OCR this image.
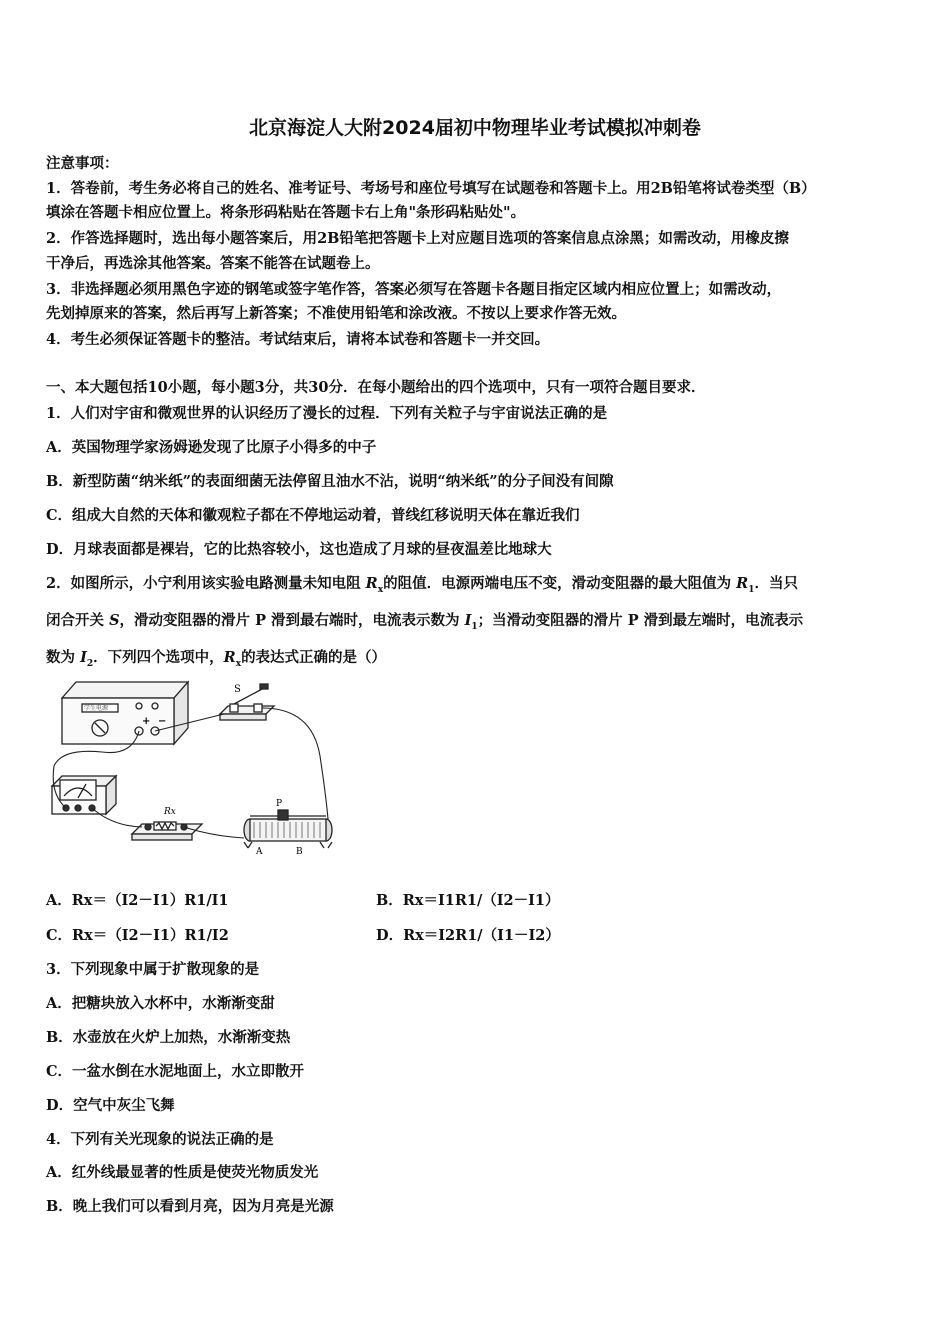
北京海淀人大附2024届初中物理毕业考试模拟冲刺卷
注意事项：
1．答卷前，考生务必将自己的姓名、准考证号、考场号和座位号填写在试题卷和答题卡上。用2B铅笔将试卷类型（B）
填涂在答题卡相应位置上。将条形码粘贴在答题卡右上角"条形码粘贴处"。
2．作答选择题时，选出每小题答案后，用2B铅笔把答题卡上对应题目选项的答案信息点涂黑；如需改动，用橡皮擦
干净后，再选涂其他答案。答案不能答在试题卷上。
3．非选择题必须用黑色字迹的钢笔或签字笔作答，答案必须写在答题卡各题目指定区域内相应位置上；如需改动，
先划掉原来的答案，然后再写上新答案；不准使用铅笔和涂改液。不按以上要求作答无效。
4．考生必须保证答题卡的整洁。考试结束后，请将本试卷和答题卡一并交回。
一、本大题包括10小题，每小题3分，共30分．在每小题给出的四个选项中，只有一项符合题目要求．
1．人们对宇宙和微观世界的认识经历了漫长的过程．下列有关粒子与宇宙说法正确的是
A．英国物理学家汤姆逊发现了比原子小得多的中子
B．新型防菌“纳米纸”的表面细菌无法停留且油水不沾，说明“纳米纸”的分子间没有间隙
C．组成大自然的天体和徽观粒子都在不停地运动着，普线红移说明天体在靠近我们
D．月球表面都是裸岩，它的比热容较小，这也造成了月球的昼夜温差比地球大
2．如图所示，小宁利用该实验电路测量未知电阻 $R_x$的阻值．电源两端电压不变，滑动变阻器的最大阻值为 $R_1$．当只
闭合开关 S，滑动变阻器的滑片 P 滑到最右端时，电流表示数为 $I_1$；当滑动变阻器的滑片 P 滑到最左端时，电流表示
数为 $I_2$．下列四个选项中，$R_x$的表达式正确的是（）
学生电源
+ −
S
Rx
P
A	B
A．Rx＝（I2－I1）R1/I1	B．Rx＝I1R1/（I2－I1）
C．Rx＝（I2－I1）R1/I2	D．Rx＝I2R1/（I1－I2）
3．下列现象中属于扩散现象的是
A．把糖块放入水杯中，水渐渐变甜
B．水壶放在火炉上加热，水渐渐变热
C．一盆水倒在水泥地面上，水立即散开
D．空气中灰尘飞舞
4．下列有关光现象的说法正确的是
A．红外线最显著的性质是使荧光物质发光
B．晚上我们可以看到月亮，因为月亮是光源
